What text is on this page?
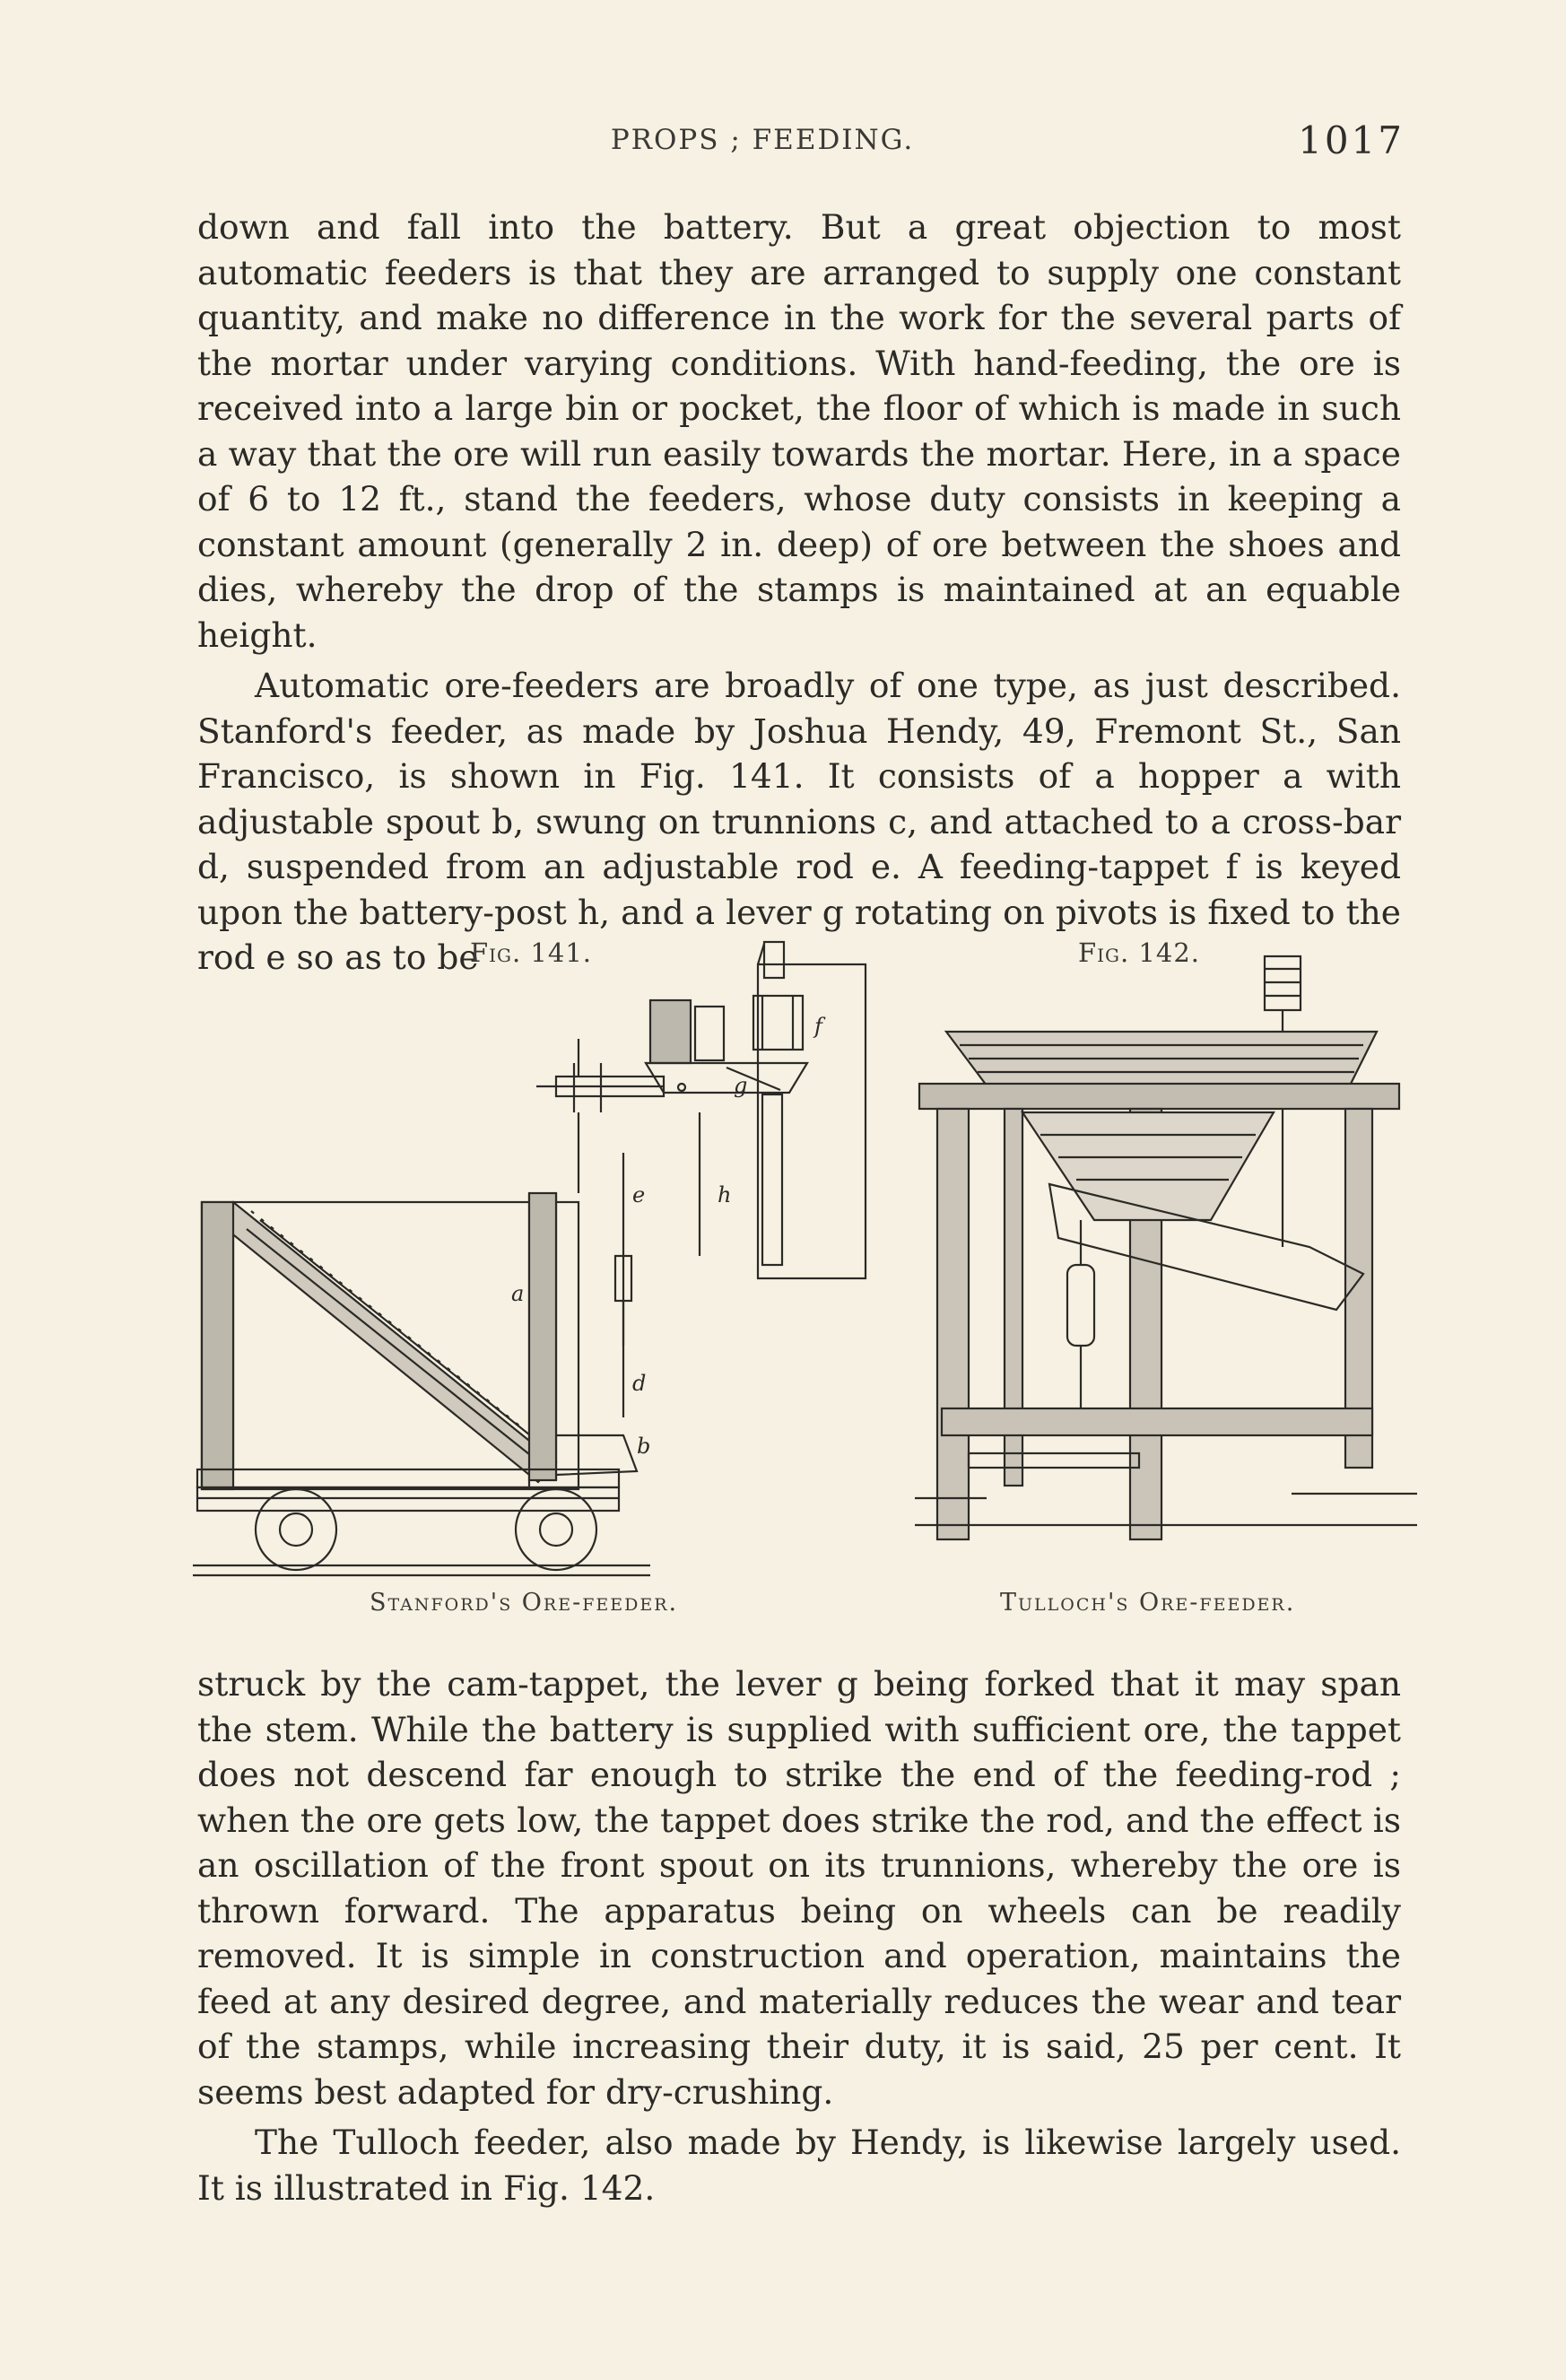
PROPS ; FEEDING.	1017

down and fall into the battery. But a great objection to most automatic feeders is that they are arranged to supply one constant quantity, and make no difference in the work for the several parts of the mortar under varying conditions. With hand-feeding, the ore is received into a large bin or pocket, the floor of which is made in such a way that the ore will run easily towards the mortar. Here, in a space of 6 to 12 ft., stand the feeders, whose duty consists in keeping a constant amount (generally 2 in. deep) of ore between the shoes and dies, whereby the drop of the stamps is maintained at an equable height.

Automatic ore-feeders are broadly of one type, as just described. Stanford's feeder, as made by Joshua Hendy, 49, Fremont St., San Francisco, is shown in Fig. 141. It consists of a hopper a with adjustable spout b, swung on trunnions c, and attached to a cross-bar d, suspended from an adjustable rod e. A feeding-tappet f is keyed upon the battery-post h, and a lever g rotating on pivots is fixed to the rod e so as to be

Fig. 141.
f
g
h
e
a
d
b
Stanford's Ore-feeder.
Fig. 142.
Tulloch's Ore-feeder.

struck by the cam-tappet, the lever g being forked that it may span the stem. While the battery is supplied with sufficient ore, the tappet does not descend far enough to strike the end of the feeding-rod ; when the ore gets low, the tappet does strike the rod, and the effect is an oscillation of the front spout on its trunnions, whereby the ore is thrown forward. The apparatus being on wheels can be readily removed. It is simple in construction and operation, maintains the feed at any desired degree, and materially reduces the wear and tear of the stamps, while increasing their duty, it is said, 25 per cent. It seems best adapted for dry-crushing.

The Tulloch feeder, also made by Hendy, is likewise largely used. It is illustrated in Fig. 142.
